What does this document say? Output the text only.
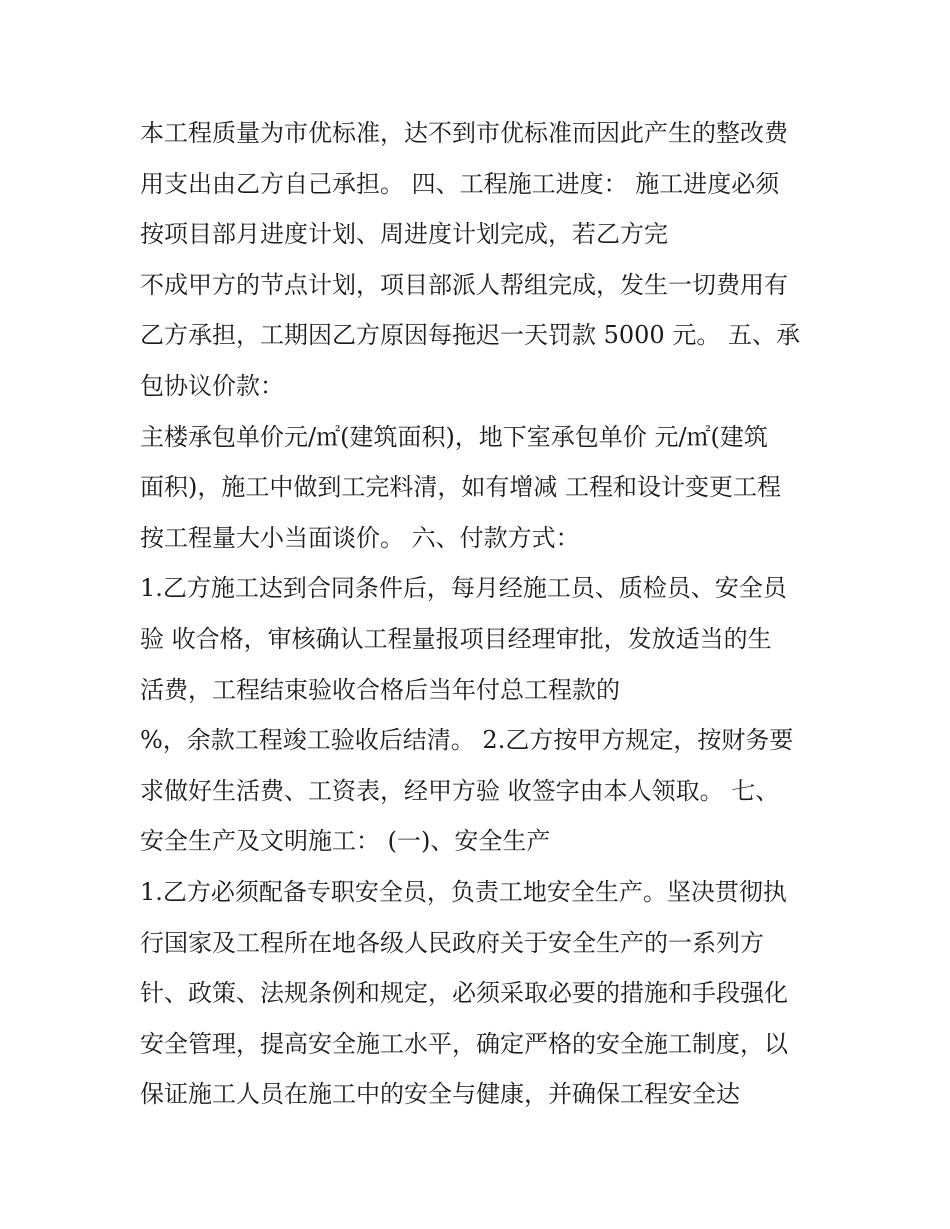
本工程质量为市优标准，达不到市优标准而因此产生的整改费
用支出由乙方自己承担。 四、工程施工进度： 施工进度必须
按项目部月进度计划、周进度计划完成，若乙方完
不成甲方的节点计划，项目部派人帮组完成，发生一切费用有
乙方承担，工期因乙方原因每拖迟一天罚款 5000 元。 五、承
包协议价款：
主楼承包单价元/㎡(建筑面积)，地下室承包单价 元/㎡(建筑
面积)，施工中做到工完料清，如有增减 工程和设计变更工程
按工程量大小当面谈价。 六、付款方式：
1.乙方施工达到合同条件后，每月经施工员、质检员、安全员
验 收合格，审核确认工程量报项目经理审批，发放适当的生
活费，工程结束验收合格后当年付总工程款的
%，余款工程竣工验收后结清。 2.乙方按甲方规定，按财务要
求做好生活费、工资表，经甲方验 收签字由本人领取。 七、
安全生产及文明施工： (一)、安全生产
1.乙方必须配备专职安全员，负责工地安全生产。坚决贯彻执
行国家及工程所在地各级人民政府关于安全生产的一系列方
针、政策、法规条例和规定，必须采取必要的措施和手段强化
安全管理，提高安全施工水平，确定严格的安全施工制度，以
保证施工人员在施工中的安全与健康，并确保工程安全达
